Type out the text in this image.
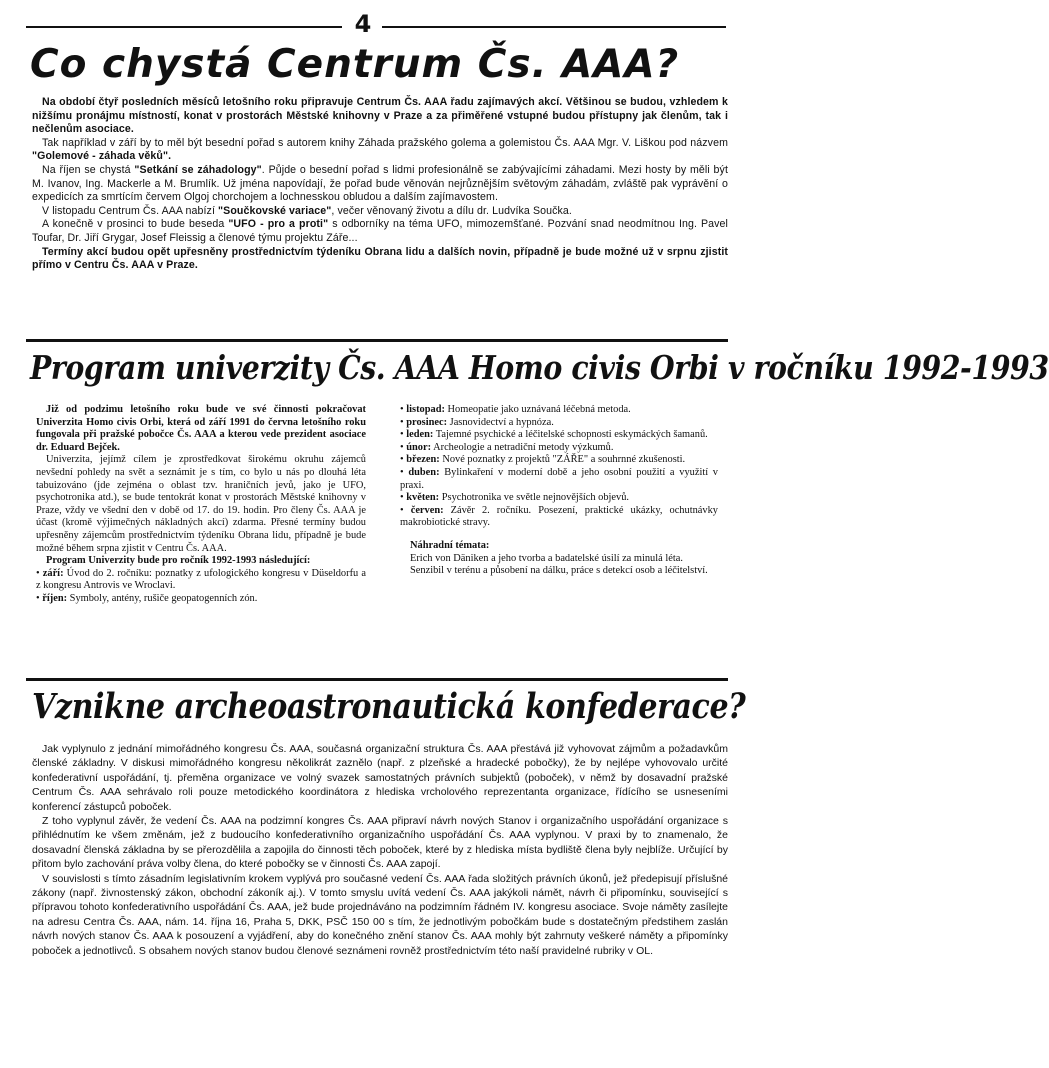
4
Co chystá Centrum Čs. AAA?

Na období čtyř posledních měsíců letošního roku připravuje Centrum Čs. AAA řadu zajímavých akcí. Většinou se budou, vzhledem k nižšímu pronájmu místností, konat v prostorách Městské knihovny v Praze a za přiměřené vstupné budou přístupny jak členům, tak i nečlenům asociace.

Tak například v září by to měl být besední pořad s autorem knihy Záhada pražského golema a golemistou Čs. AAA Mgr. V. Liškou pod názvem "Golemové - záhada věků".

Na říjen se chystá "Setkání se záhadology". Půjde o besední pořad s lidmi profesionálně se zabývajícími záhadami. Mezi hosty by měli být M. Ivanov, Ing. Mackerle a M. Brumlík. Už jména napovídají, že pořad bude věnován nejrůznějším světovým záhadám, zvláště pak vyprávění o expedicích za smrtícím červem Olgoj chorchojem a lochnesskou obludou a dalším zajímavostem.

V listopadu Centrum Čs. AAA nabízí "Součkovské variace", večer věnovaný životu a dílu dr. Ludvíka Součka.

A konečně v prosinci to bude beseda "UFO - pro a proti" s odborníky na téma UFO, mimozemšťané. Pozvání snad neodmítnou Ing. Pavel Toufar, Dr. Jiří Grygar, Josef Fleissig a členové týmu projektu Záře...

Termíny akcí budou opět upřesněny prostřednictvím týdeníku Obrana lidu a dalších novin, případně je bude možné už v srpnu zjistit přímo v Centru Čs. AAA v Praze.

Program univerzity Čs. AAA Homo civis Orbi v ročníku 1992-1993

Již od podzimu letošního roku bude ve své činnosti pokračovat Univerzita Homo civis Orbi, která od září 1991 do června letošního roku fungovala při pražské pobočce Čs. AAA a kterou vede prezident asociace dr. Eduard Bejček.

Univerzita, jejímž cílem je zprostředkovat širokému okruhu zájemců nevšední pohledy na svět a seznámit je s tím, co bylo u nás po dlouhá léta tabuizováno (jde zejména o oblast tzv. hraničních jevů, jako je UFO, psychotronika atd.), se bude tentokrát konat v prostorách Městské knihovny v Praze, vždy ve všední den v době od 17. do 19. hodin. Pro členy Čs. AAA je účast (kromě výjimečných nákladných akcí) zdarma. Přesné termíny budou upřesněny zájemcům prostřednictvím týdeníku Obrana lidu, případně je bude možné během srpna zjistit v Centru Čs. AAA.

Program Univerzity bude pro ročník 1992-1993 následující:

• září: Úvod do 2. ročníku: poznatky z ufologického kongresu v Düseldorfu a z kongresu Antrovis ve Wroclavi.

• říjen: Symboly, antény, rušiče geopatogenních zón.

• listopad: Homeopatie jako uznávaná léčebná metoda.

• prosinec: Jasnovidectví a hypnóza.

• leden: Tajemné psychické a léčitelské schopnosti eskymáckých šamanů.

• únor: Archeologie a netradiční metody výzkumů.

• březen: Nové poznatky z projektů "ZÁŘE" a souhrnné zkušenosti.

• duben: Bylinkaření v moderní době a jeho osobní použití a využití v praxi.

• květen: Psychotronika ve světle nejnovějších objevů.

• červen: Závěr 2. ročníku. Posezení, praktické ukázky, ochutnávky makrobiotické stravy.

Náhradní témata:

Erich von Däniken a jeho tvorba a badatelské úsilí za minulá léta.

Senzibil v terénu a působení na dálku, práce s detekcí osob a léčitelství.

Vznikne archeoastronautická konfederace?

Jak vyplynulo z jednání mimořádného kongresu Čs. AAA, současná organizační struktura Čs. AAA přestává již vyhovovat zájmům a požadavkům členské základny. V diskusi mimořádného kongresu několikrát zaznělo (např. z plzeňské a hradecké pobočky), že by nejlépe vyhovovalo určité konfederativní uspořádání, tj. přeměna organizace ve volný svazek samostatných právních subjektů (poboček), v němž by dosavadní pražské Centrum Čs. AAA sehrávalo roli pouze metodického koordinátora z hlediska vrcholového reprezentanta organizace, řídícího se usneseními konferencí zástupců poboček.

Z toho vyplynul závěr, že vedení Čs. AAA na podzimní kongres Čs. AAA připraví návrh nových Stanov i organizačního uspořádání organizace s přihlédnutím ke všem změnám, jež z budoucího konfederativního organizačního uspořádání Čs. AAA vyplynou. V praxi by to znamenalo, že dosavadní členská základna by se přerozdělila a zapojila do činnosti těch poboček, které by z hlediska místa bydliště člena byly nejblíže. Určující by přitom bylo zachování práva volby člena, do které pobočky se v činnosti Čs. AAA zapojí.

V souvislosti s tímto zásadním legislativním krokem vyplývá pro současné vedení Čs. AAA řada složitých právních úkonů, jež předepisují příslušné zákony (např. živnostenský zákon, obchodní zákoník aj.). V tomto smyslu uvítá vedení Čs. AAA jakýkoli námět, návrh či připomínku, související s přípravou tohoto konfederativního uspořádání Čs. AAA, jež bude projednáváno na podzimním řádném IV. kongresu asociace. Svoje náměty zasílejte na adresu Centra Čs. AAA, nám. 14. října 16, Praha 5, DKK, PSČ 150 00 s tím, že jednotlivým pobočkám bude s dostatečným předstihem zaslán návrh nových stanov Čs. AAA k posouzení a vyjádření, aby do konečného znění stanov Čs. AAA mohly být zahrnuty veškeré náměty a připomínky poboček a jednotlivců. S obsahem nových stanov budou členové seznámeni rovněž prostřednictvím této naší pravidelné rubriky v OL.
